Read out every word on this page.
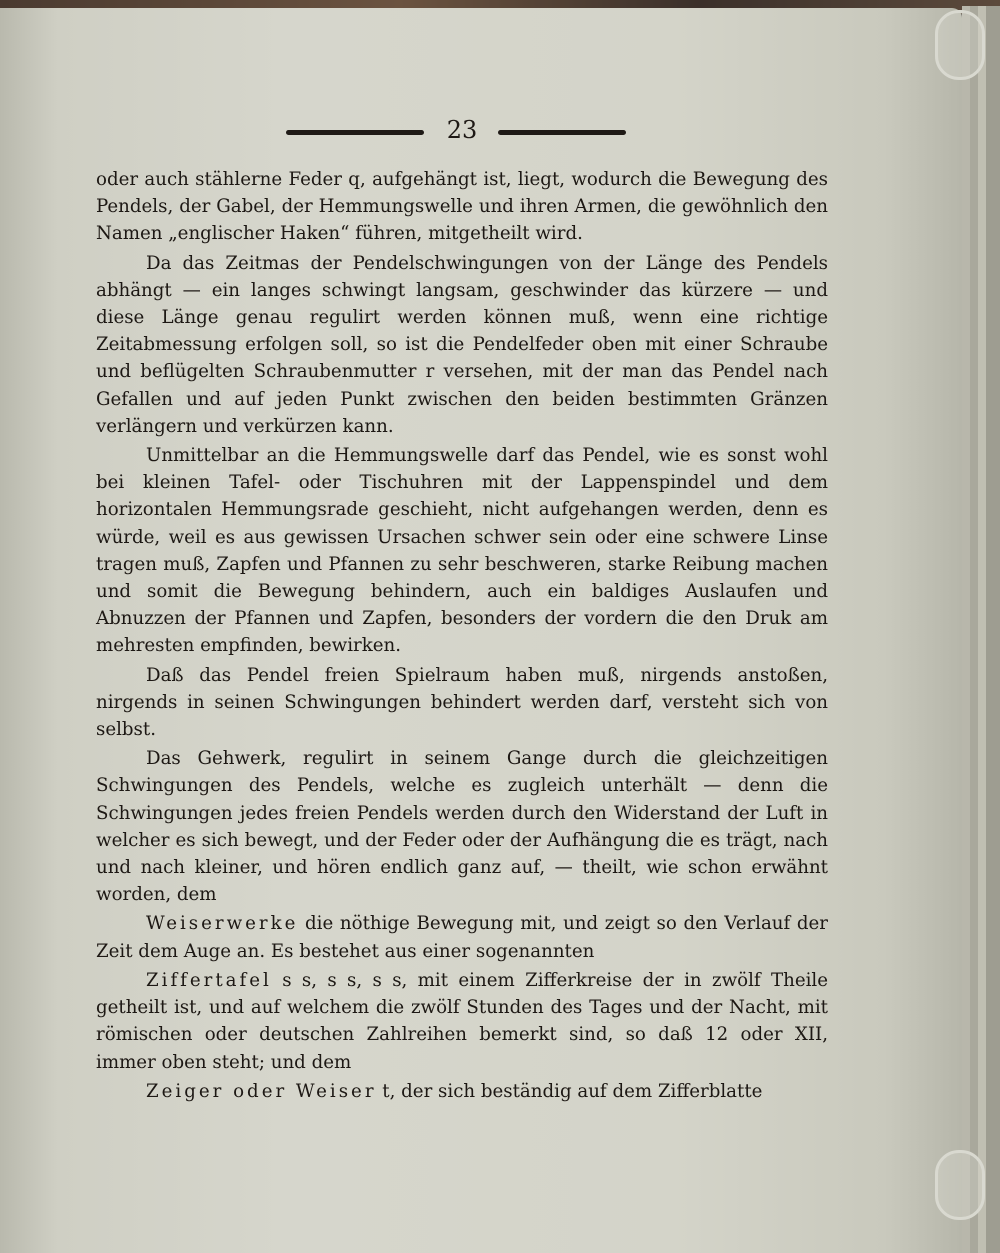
23

oder auch stählerne Feder q, aufgehängt ist, liegt, wodurch die Bewegung des Pendels, der Gabel, der Hemmungswelle und ihren Armen, die gewöhnlich den Namen „englischer Haken“ führen, mitgetheilt wird.

Da das Zeitmas der Pendelschwingungen von der Länge des Pendels abhängt — ein langes schwingt langsam, geschwinder das kürzere — und diese Länge genau regulirt werden können muß, wenn eine richtige Zeitabmessung erfolgen soll, so ist die Pendelfeder oben mit einer Schraube und beflügelten Schraubenmutter r versehen, mit der man das Pendel nach Gefallen und auf jeden Punkt zwischen den beiden bestimmten Gränzen verlängern und verkürzen kann.

Unmittelbar an die Hemmungswelle darf das Pendel, wie es sonst wohl bei kleinen Tafel- oder Tischuhren mit der Lappenspindel und dem horizontalen Hemmungsrade geschieht, nicht aufgehangen werden, denn es würde, weil es aus gewissen Ursachen schwer sein oder eine schwere Linse tragen muß, Zapfen und Pfannen zu sehr beschweren, starke Reibung machen und somit die Bewegung behindern, auch ein baldiges Auslaufen und Abnuzzen der Pfannen und Zapfen, besonders der vordern die den Druk am mehresten empfinden, bewirken.

Daß das Pendel freien Spielraum haben muß, nirgends anstoßen, nirgends in seinen Schwingungen behindert werden darf, versteht sich von selbst.

Das Gehwerk, regulirt in seinem Gange durch die gleichzeitigen Schwingungen des Pendels, welche es zugleich unterhält — denn die Schwingungen jedes freien Pendels werden durch den Widerstand der Luft in welcher es sich bewegt, und der Feder oder der Aufhängung die es trägt, nach und nach kleiner, und hören endlich ganz auf, — theilt, wie schon erwähnt worden, dem

Weiserwerke die nöthige Bewegung mit, und zeigt so den Verlauf der Zeit dem Auge an. Es bestehet aus einer sogenannten

Ziffertafel s s, s s, s s, mit einem Zifferkreise der in zwölf Theile getheilt ist, und auf welchem die zwölf Stunden des Tages und der Nacht, mit römischen oder deutschen Zahlreihen bemerkt sind, so daß 12 oder XII, immer oben steht; und dem

Zeiger oder Weiser t, der sich beständig auf dem Zifferblatte
